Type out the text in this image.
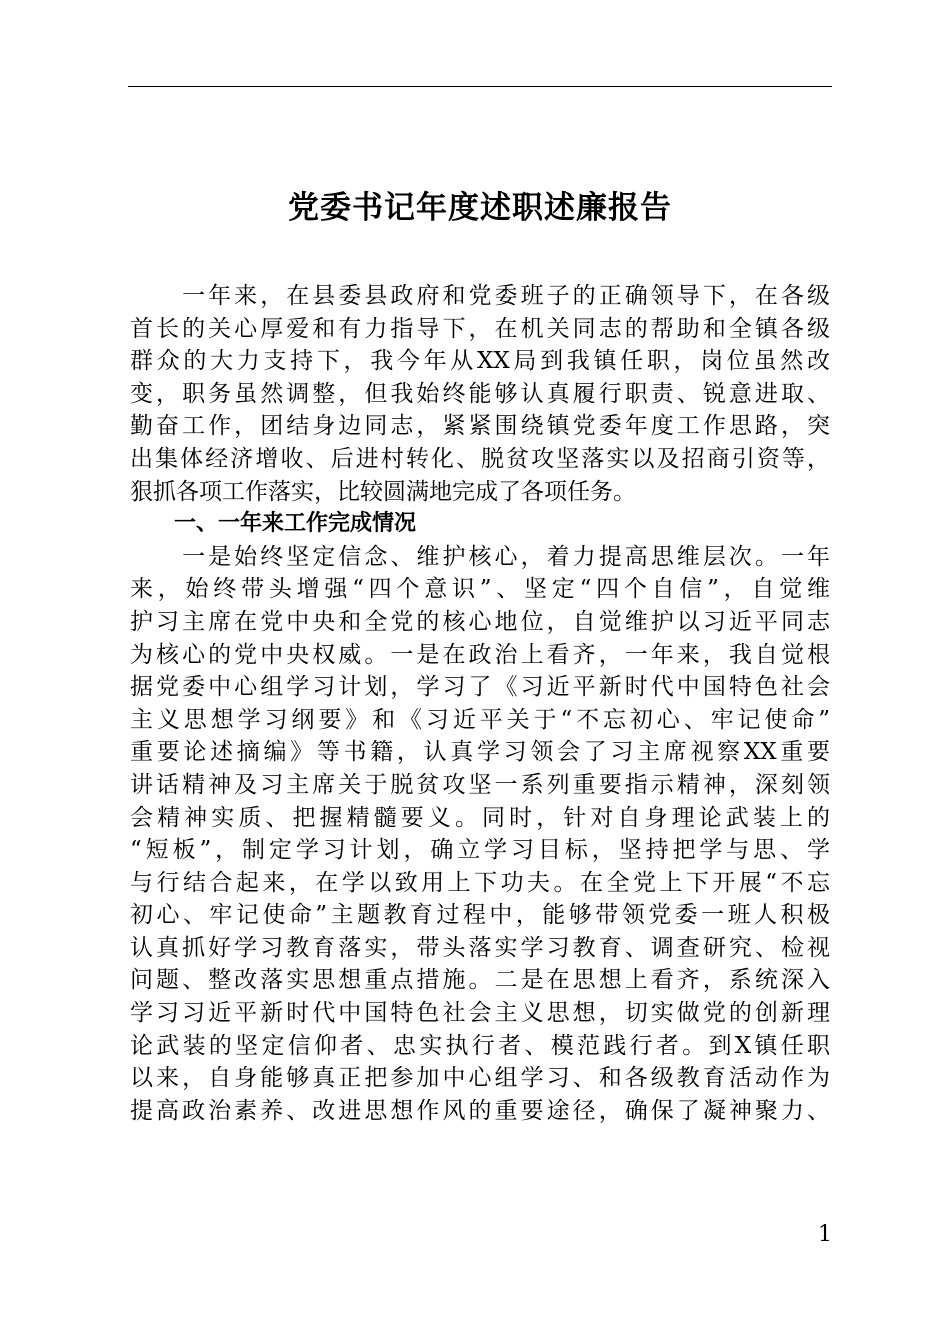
党委书记年度述职述廉报告
　　一年来，在县委县政府和党委班子的正确领导下，在各级
首长的关心厚爱和有力指导下，在机关同志的帮助和全镇各级
群众的大力支持下，我今年从XX局到我镇任职，岗位虽然改
变，职务虽然调整，但我始终能够认真履行职责、锐意进取、
勤奋工作，团结身边同志，紧紧围绕镇党委年度工作思路，突
出集体经济增收、后进村转化、脱贫攻坚落实以及招商引资等，
狠抓各项工作落实，比较圆满地完成了各项任务。
　　一、一年来工作完成情况
　　一是始终坚定信念、维护核心，着力提高思维层次。一年
来，始终带头增强“四个意识”、坚定“四个自信”，自觉维
护习主席在党中央和全党的核心地位，自觉维护以习近平同志
为核心的党中央权威。一是在政治上看齐，一年来，我自觉根
据党委中心组学习计划，学习了《习近平新时代中国特色社会
主义思想学习纲要》和《习近平关于“不忘初心、牢记使命”
重要论述摘编》等书籍，认真学习领会了习主席视察XX重要
讲话精神及习主席关于脱贫攻坚一系列重要指示精神，深刻领
会精神实质、把握精髓要义。同时，针对自身理论武装上的
“短板”，制定学习计划，确立学习目标，坚持把学与思、学
与行结合起来，在学以致用上下功夫。在全党上下开展“不忘
初心、牢记使命”主题教育过程中，能够带领党委一班人积极
认真抓好学习教育落实，带头落实学习教育、调查研究、检视
问题、整改落实思想重点措施。二是在思想上看齐，系统深入
学习习近平新时代中国特色社会主义思想，切实做党的创新理
论武装的坚定信仰者、忠实执行者、模范践行者。到X镇任职
以来，自身能够真正把参加中心组学习、和各级教育活动作为
提高政治素养、改进思想作风的重要途径，确保了凝神聚力、
1
